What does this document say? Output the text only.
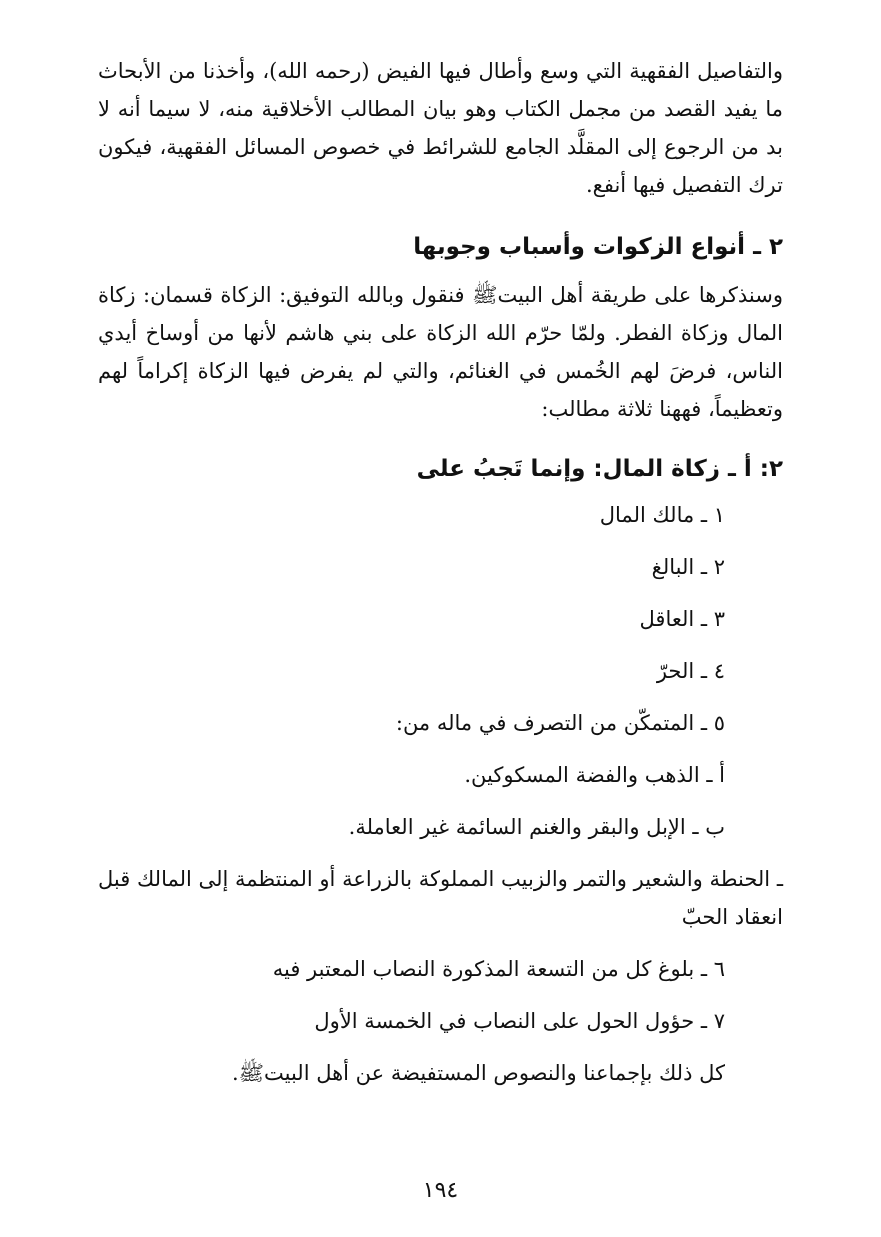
والتفاصيل الفقهية التي وسع وأطال فيها الفيض (رحمه الله)، وأخذنا من الأبحاث ما يفيد القصد من مجمل الكتاب وهو بيان المطالب الأخلاقية منه، لا سيما أنه لا بد من الرجوع إلى المقلَّد الجامع للشرائط في خصوص المسائل الفقهية، فيكون ترك التفصيل فيها أنفع.

٢ ـ أنواع الزكوات وأسباب وجوبها

وسنذكرها على طريقة أهل البيتﷺ فنقول وبالله التوفيق: الزكاة قسمان: زكاة المال وزكاة الفطر. ولمّا حرّم الله الزكاة على بني هاشم لأنها من أوساخ أيدي الناس، فرضَ لهم الخُمس في الغنائم، والتي لم يفرض فيها الزكاة إكراماً لهم وتعظيماً، فههنا ثلاثة مطالب:

٢: أ ـ زكاة المال: وإنما تَجبُ على

١ ـ مالك المال

٢ ـ البالغ

٣ ـ العاقل

٤ ـ الحرّ

٥ ـ المتمكّن من التصرف في ماله من:

أ ـ الذهب والفضة المسكوكين.

ب ـ الإبل والبقر والغنم السائمة غير العاملة.

ـ الحنطة والشعير والتمر والزبيب المملوكة بالزراعة أو المنتظمة إلى المالك قبل انعقاد الحبّ

٦ ـ بلوغ كل من التسعة المذكورة النصاب المعتبر فيه

٧ ـ حؤول الحول على النصاب في الخمسة الأول

كل ذلك بإجماعنا والنصوص المستفيضة عن أهل البيتﷺ.

١٩٤
